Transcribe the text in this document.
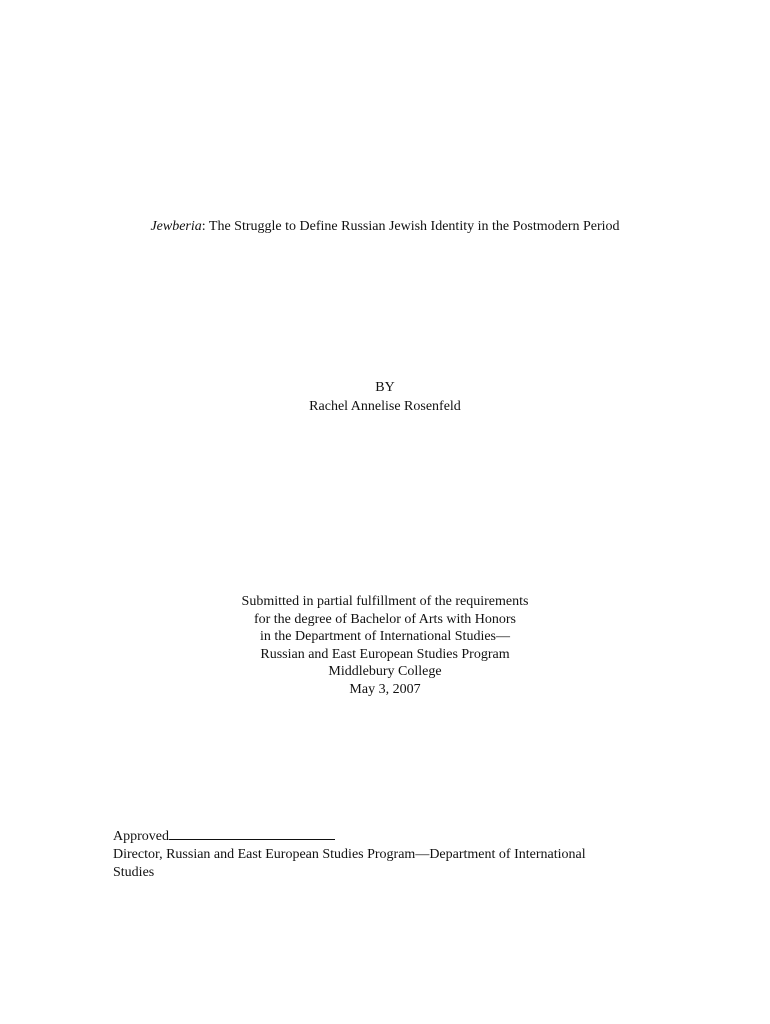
Jewberia: The Struggle to Define Russian Jewish Identity in the Postmodern Period
BY
Rachel Annelise Rosenfeld
Submitted in partial fulfillment of the requirements
for the degree of Bachelor of Arts with Honors
in the Department of International Studies—
Russian and East European Studies Program
Middlebury College
May 3, 2007
Approved
Director, Russian and East European Studies Program—Department of International
Studies
